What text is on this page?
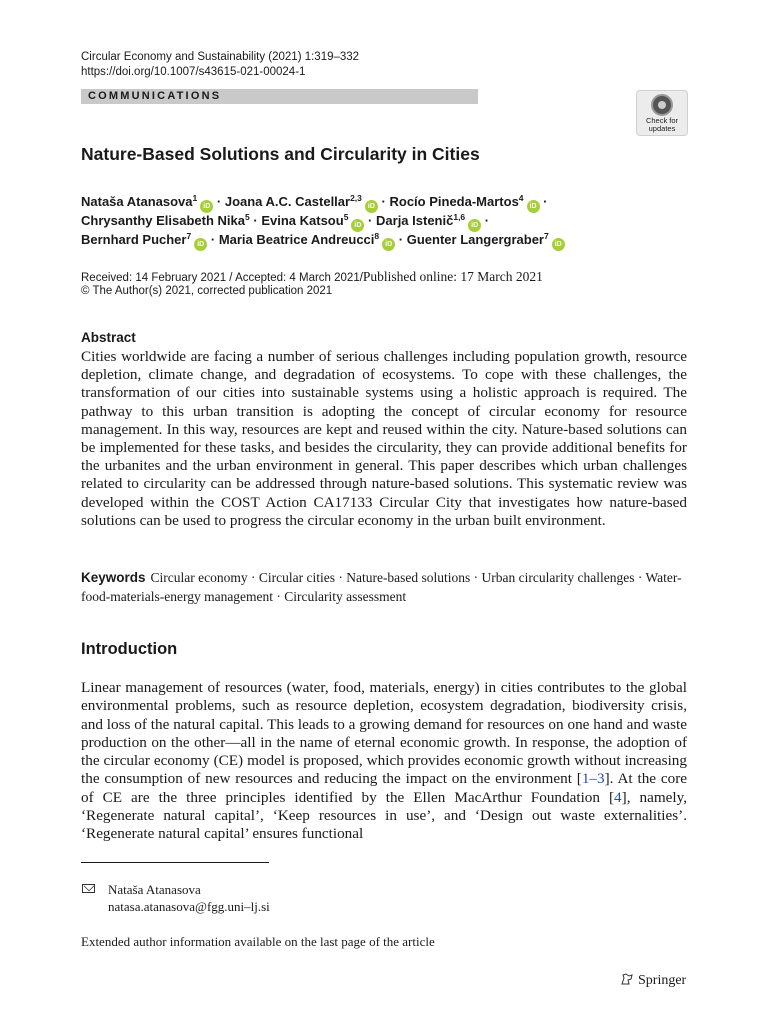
Circular Economy and Sustainability (2021) 1:319–332
https://doi.org/10.1007/s43615-021-00024-1
COMMUNICATIONS
Check for updates
Nature-Based Solutions and Circularity in Cities
Nataša Atanasova$^1$iD · Joana A.C. Castellar$^{2,3}$iD · Rocío Pineda-Martos$^4$iD ·
Chrysanthy Elisabeth Nika$^5$ · Evina Katsou$^5$iD · Darja Istenič$^{1,6}$iD ·
Bernhard Pucher$^7$iD · Maria Beatrice Andreucci$^8$iD · Guenter Langergraber$^7$iD
Received: 14 February 2021 / Accepted: 4 March 2021/Published online: 17 March 2021
© The Author(s) 2021, corrected publication 2021
Abstract

Cities worldwide are facing a number of serious challenges including population growth, resource depletion, climate change, and degradation of ecosystems. To cope with these challenges, the transformation of our cities into sustainable systems using a holistic approach is required. The pathway to this urban transition is adopting the concept of circular economy for resource management. In this way, resources are kept and reused within the city. Nature-based solutions can be implemented for these tasks, and besides the circularity, they can provide additional benefits for the urbanites and the urban environment in general. This paper describes which urban challenges related to circularity can be addressed through nature-based solutions. This systematic review was developed within the COST Action CA17133 Circular City that investigates how nature-based solutions can be used to progress the circular economy in the urban built environment.

Keywords Circular economy · Circular cities · Nature-based solutions · Urban circularity challenges · Water-food-materials-energy management · Circularity assessment
Introduction

Linear management of resources (water, food, materials, energy) in cities contributes to the global environmental problems, such as resource depletion, ecosystem degradation, biodiversity crisis, and loss of the natural capital. This leads to a growing demand for resources on one hand and waste production on the other—all in the name of eternal economic growth. In response, the adoption of the circular economy (CE) model is proposed, which provides economic growth without increasing the consumption of new resources and reducing the impact on the environment [1–3]. At the core of CE are the three principles identified by the Ellen MacArthur Foundation [4], namely, ‘Regenerate natural capital’, ‘Keep resources in use’, and ‘Design out waste externalities’. ‘Regenerate natural capital’ ensures functional

Nataša Atanasova
natasa.atanasova@fgg.uni–lj.si
Extended author information available on the last page of the article
Springer
